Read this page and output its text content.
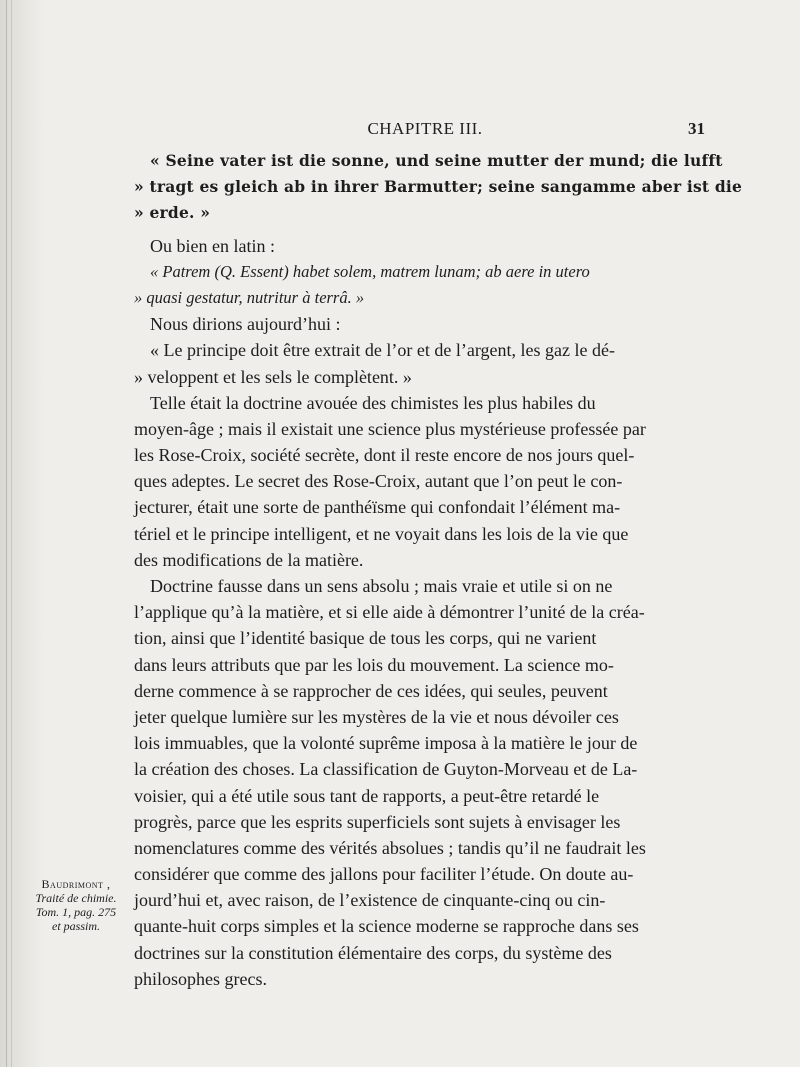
CHAPITRE III.	31
« Seine vater ist die sonne, und seine mutter der mund; die lufft
» tragt es gleich ab in ihrer Barmutter; seine sangamme aber ist die
» erde. »
Ou bien en latin :
« Patrem (Q. Essent) habet solem, matrem lunam; ab aere in utero
» quasi gestatur, nutritur à terrâ. »
Nous dirions aujourd’hui :
« Le principe doit être extrait de l’or et de l’argent, les gaz le dé-
» veloppent et les sels le complètent. »
Telle était la doctrine avouée des chimistes les plus habiles du
moyen-âge ; mais il existait une science plus mystérieuse professée par
les Rose-Croix, société secrète, dont il reste encore de nos jours quel-
ques adeptes. Le secret des Rose-Croix, autant que l’on peut le con-
jecturer, était une sorte de panthéïsme qui confondait l’élément ma-
tériel et le principe intelligent, et ne voyait dans les lois de la vie que
des modifications de la matière.
Doctrine fausse dans un sens absolu ; mais vraie et utile si on ne
l’applique qu’à la matière, et si elle aide à démontrer l’unité de la créa-
tion, ainsi que l’identité basique de tous les corps, qui ne varient
dans leurs attributs que par les lois du mouvement. La science mo-
derne commence à se rapprocher de ces idées, qui seules, peuvent
jeter quelque lumière sur les mystères de la vie et nous dévoiler ces
lois immuables, que la volonté suprême imposa à la matière le jour de
la création des choses. La classification de Guyton-Morveau et de La-
voisier, qui a été utile sous tant de rapports, a peut-être retardé le
progrès, parce que les esprits superficiels sont sujets à envisager les
nomenclatures comme des vérités absolues ; tandis qu’il ne faudrait les
considérer que comme des jallons pour faciliter l’étude. On doute au-
jourd’hui et, avec raison, de l’existence de cinquante-cinq ou cin-
quante-huit corps simples et la science moderne se rapproche dans ses
doctrines sur la constitution élémentaire des corps, du système des
philosophes grecs.
Baudrimont ,
Traité de chimie.
Tom. 1, pag. 275
et passim.
